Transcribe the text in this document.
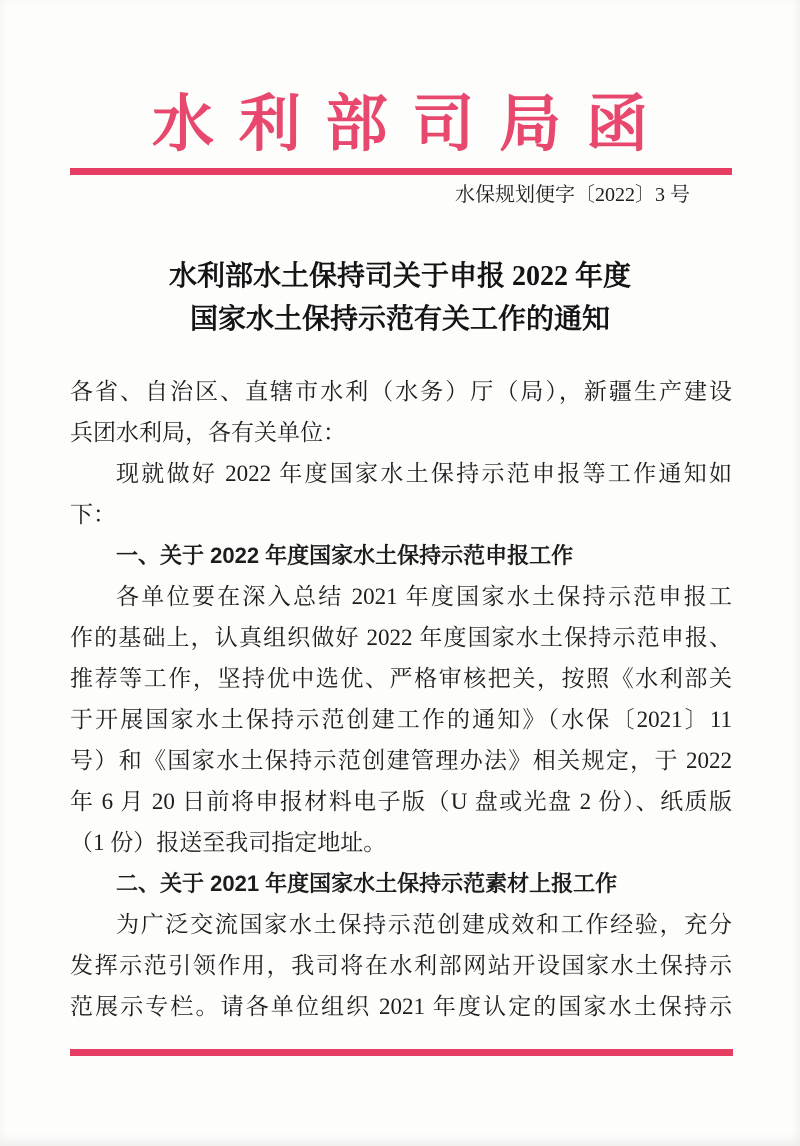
水利部司局函
水保规划便字〔2022〕3 号
水利部水土保持司关于申报 2022 年度
国家水土保持示范有关工作的通知
各省、自治区、直辖市水利（水务）厅（局），新疆生产建设
兵团水利局，各有关单位：
现就做好 2022 年度国家水土保持示范申报等工作通知如
下：
一、关于 2022 年度国家水土保持示范申报工作
各单位要在深入总结 2021 年度国家水土保持示范申报工
作的基础上，认真组织做好 2022 年度国家水土保持示范申报、
推荐等工作，坚持优中选优、严格审核把关，按照《水利部关
于开展国家水土保持示范创建工作的通知》（水保〔2021〕11
号）和《国家水土保持示范创建管理办法》相关规定，于 2022
年 6 月 20 日前将申报材料电子版（U 盘或光盘 2 份）、纸质版
（1 份）报送至我司指定地址。
二、关于 2021 年度国家水土保持示范素材上报工作
为广泛交流国家水土保持示范创建成效和工作经验，充分
发挥示范引领作用，我司将在水利部网站开设国家水土保持示
范展示专栏。请各单位组织 2021 年度认定的国家水土保持示
